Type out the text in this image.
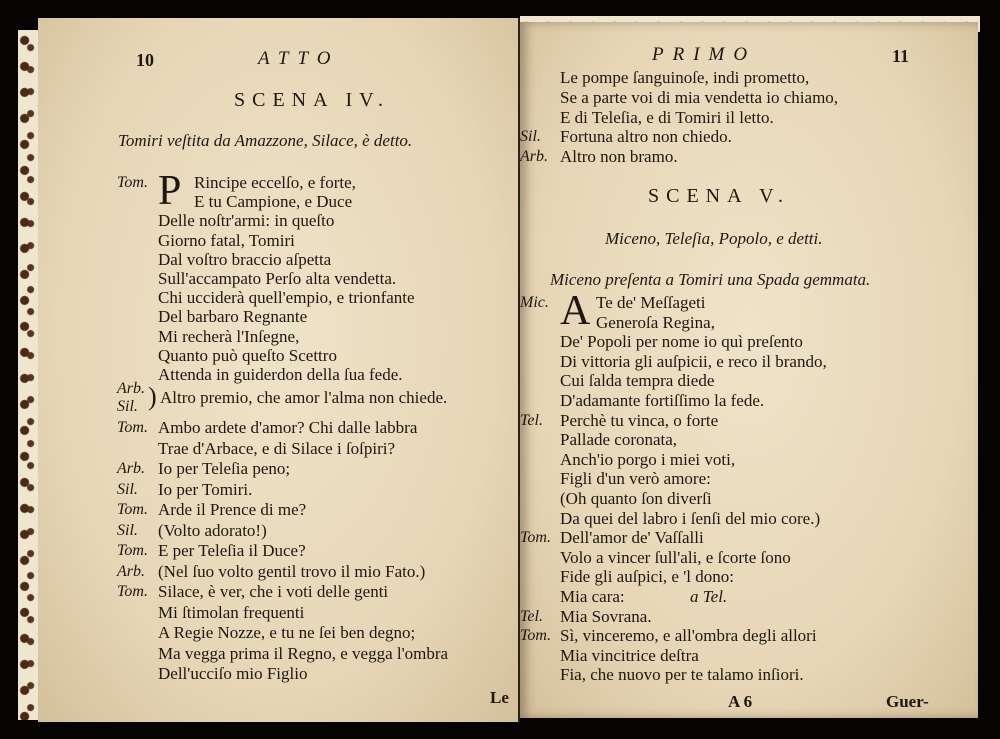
10	ATTO
SCENA IV.
Tomiri veſtita da Amazzone, Silace, è detto.
Tom. P Rincipe eccelſo, e forte,
E tu Campione, e Duce
Delle noſtr'armi: in queſto
Giorno fatal, Tomiri
Dal voſtro braccio aſpetta
Sull'accampato Perſo alta vendetta.
Chi ucciderà quell'empio, e trionfante
Del barbaro Regnante
Mi recherà l'Inſegne,
Quanto può queſto Scettro
Attenda in guiderdon della ſua fede.
Arb.
Sil. ) Altro premio, che amor l'alma non chiede.
Tom. Ambo ardete d'amor? Chi dalle labbra
Trae d'Arbace, e di Silace i ſoſpiri?
Arb. Io per Teleſia peno;
Sil. Io per Tomiri.
Tom. Arde il Prence di me?
Sil. (Volto adorato!)
Tom. E per Teleſia il Duce?
Arb. (Nel ſuo volto gentil trovo il mio Fato.)
Tom. Silace, è ver, che i voti delle genti
Mi ſtimolan frequenti
A Regie Nozze, e tu ne ſei ben degno;
Ma vegga prima il Regno, e vegga l'ombra
Dell'ucciſo mio Figlio
Le
PRIMO	11
Le pompe ſanguinoſe, indi prometto,
Se a parte voi di mia vendetta io chiamo,
E di Teleſia, e di Tomiri il letto.
Sil. Fortuna altro non chiedo.
Arb. Altro non bramo.
SCENA V.
Miceno, Teleſia, Popolo, e detti.
Miceno preſenta a Tomiri una Spada gemmata.
Mic. A Te de' Meſſageti
Generoſa Regina,
De' Popoli per nome io quì preſento
Di vittoria gli auſpicii, e reco il brando,
Cui ſalda tempra diede
D'adamante fortiſſimo la fede.
Tel. Perchè tu vinca, o forte
Pallade coronata,
Anch'io porgo i miei voti,
Figli d'un verò amore:
(Oh quanto ſon diverſi
Da quei del labro i ſenſi del mio core.)
Tom. Dell'amor de' Vaſſalli
Volo a vincer ſull'ali, e ſcorte ſono
Fide gli auſpici, e 'l dono:
Mia cara:	a Tel.
Tel. Mia Sovrana.
Tom. Sì, vinceremo, e all'ombra degli allori
Mia vincitrice deſtra
Fia, che nuovo per te talamo inſiori.
A 6	Guer-
